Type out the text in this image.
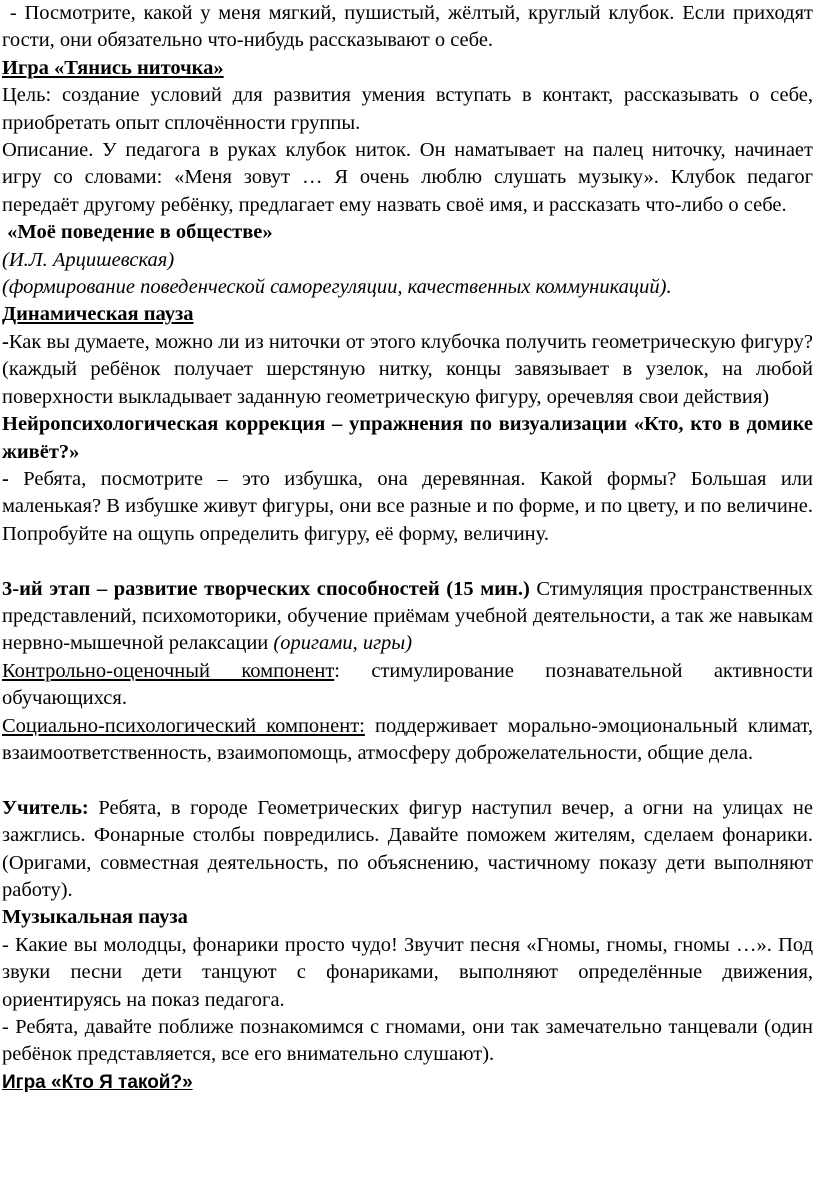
- Посмотрите, какой у меня мягкий, пушистый, жёлтый, круглый клубок. Если приходят гости, они обязательно что-нибудь рассказывают о себе.

Игра «Тянись ниточка»

Цель: создание условий для развития умения вступать в контакт, рассказывать о себе, приобретать опыт сплочённости группы.

Описание. У педагога в руках клубок ниток. Он наматывает на палец ниточку, начинает игру со словами: «Меня зовут … Я очень люблю слушать музыку». Клубок педагог передаёт другому ребёнку, предлагает ему назвать своё имя, и рассказать что-либо о себе.

«Моё поведение в обществе»

(И.Л. Арцишевская)

(формирование поведенческой саморегуляции, качественных коммуникаций).

Динамическая пауза

-Как вы думаете, можно ли из ниточки от этого клубочка получить геометрическую фигуру? (каждый ребёнок получает шерстяную нитку, концы завязывает в узелок, на любой поверхности выкладывает заданную геометрическую фигуру, оречевляя свои действия)

Нейропсихологическая коррекция – упражнения по визуализации «Кто, кто в домике живёт?»

- Ребята, посмотрите – это избушка, она деревянная. Какой формы? Большая или маленькая? В избушке живут фигуры, они все разные и по форме, и по цвету, и по величине. Попробуйте на ощупь определить фигуру, её форму, величину.

3-ий этап – развитие творческих способностей (15 мин.) Стимуляция пространственных представлений, психомоторики, обучение приёмам учебной деятельности, а так же навыкам нервно-мышечной релаксации (оригами, игры)

Контрольно-оценочный компонент: стимулирование познавательной активности обучающихся.

Социально-психологический компонент: поддерживает морально-эмоциональный климат, взаимоответственность, взаимопомощь, атмосферу доброжелательности, общие дела.

Учитель: Ребята, в городе Геометрических фигур наступил вечер, а огни на улицах не зажглись. Фонарные столбы повредились. Давайте поможем жителям, сделаем фонарики. (Оригами, совместная деятельность, по объяснению, частичному показу дети выполняют работу).

Музыкальная пауза

- Какие вы молодцы, фонарики просто чудо! Звучит песня «Гномы, гномы, гномы …». Под звуки песни дети танцуют с фонариками, выполняют определённые движения, ориентируясь на показ педагога.

- Ребята, давайте поближе познакомимся с гномами, они так замечательно танцевали (один ребёнок представляется, все его внимательно слушают).

Игра «Кто Я такой?»
